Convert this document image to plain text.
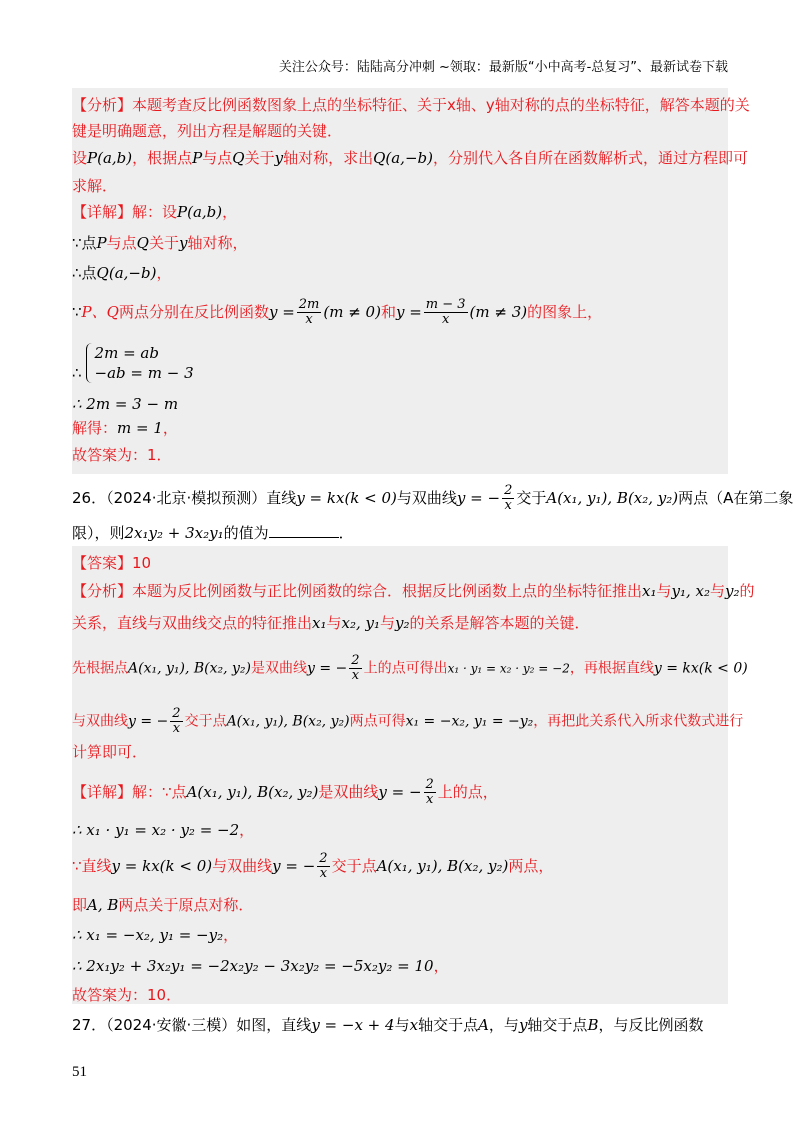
关注公众号：陆陆高分冲刺 ~领取：最新版“小中高考-总复习”、最新试卷下载
【分析】本题考查反比例函数图象上点的坐标特征、关于x轴、y轴对称的点的坐标特征，解答本题的关
键是明确题意，列出方程是解题的关键．
设P(a,b)，根据点P与点Q关于y轴对称，求出Q(a,−b)，分别代入各自所在函数解析式，通过方程即可
求解．
【详解】解：设P(a,b)，
∵点P与点Q关于y轴对称，
∴点Q(a,−b)，
∵P、Q两点分别在反比例函数$y = \frac{2m}{x} (m \ne 0)$和$y = \frac{m - 3}{x} (m \ne 3)$的图象上，
∴
2m = ab
−ab = m − 3
∴ 2m = 3 − m
解得：m = 1，
故答案为：1．
26．（2024·北京·模拟预测）直线y = kx(k < 0)与双曲线y = − $\frac{2}{x}$ 交于A(x₁, y₁), B(x₂, y₂)两点（A在第二象
限），则2x₁y₂ + 3x₂y₁的值为	．
【答案】10
【分析】本题为反比例函数与正比例函数的综合．根据反比例函数上点的坐标特征推出x₁与y₁, x₂与y₂的
关系，直线与双曲线交点的特征推出x₁与x₂, y₁与y₂的关系是解答本题的关键．
先根据点A(x₁, y₁), B(x₂, y₂)是双曲线y = − $\frac{2}{x}$ 上的点可得出x₁ · y₁ = x₂ · y₂ = −2，再根据直线y = kx(k < 0)
与双曲线y = − $\frac{2}{x}$ 交于点A(x₁, y₁), B(x₂, y₂)两点可得x₁ = −x₂, y₁ = −y₂，再把此关系代入所求代数式进行
计算即可．
【详解】解：∵点A(x₁, y₁), B(x₂, y₂)是双曲线y = − $\frac{2}{x}$ 上的点，
∴ x₁ · y₁ = x₂ · y₂ = −2，
∵直线y = kx(k < 0)与双曲线y = − $\frac{2}{x}$ 交于点A(x₁, y₁), B(x₂, y₂)两点，
即A, B两点关于原点对称．
∴ x₁ = −x₂, y₁ = −y₂，
∴ 2x₁y₂ + 3x₂y₁ = −2x₂y₂ − 3x₂y₂ = −5x₂y₂ = 10，
故答案为：10．
27．（2024·安徽·三模）如图，直线y = −x + 4与x轴交于点A，与y轴交于点B，与反比例函数
51
